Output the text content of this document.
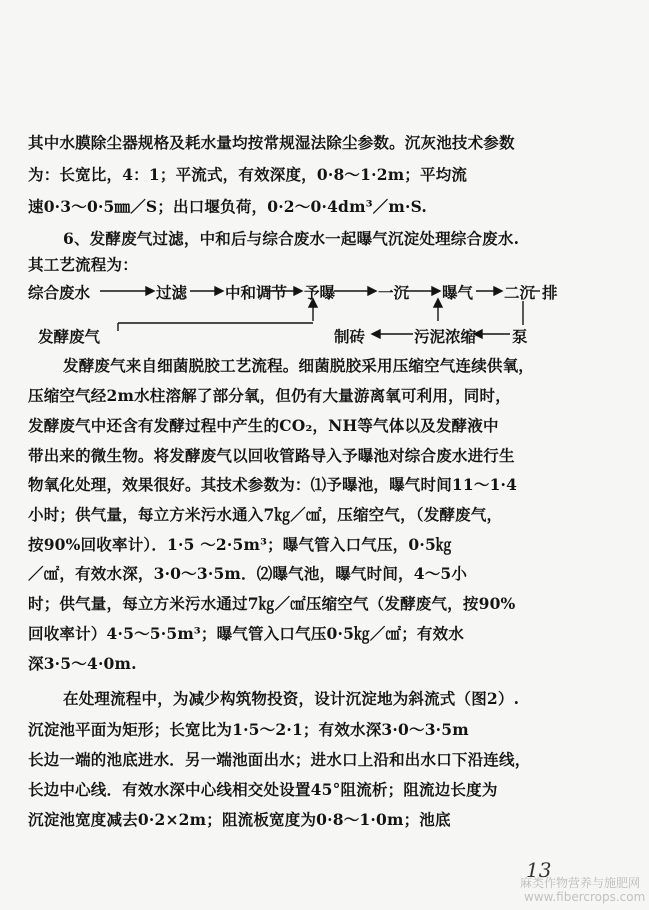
其中水膜除尘器规格及耗水量均按常规湿法除尘参数。沉灰池技术参数
为：长宽比，4：1；平流式，有效深度，0·8～1·2m；平均流
速0·3～0·5㎜／S；出口堰负荷，0·2～0·4dm³／m·S.
6、发酵废气过滤，中和后与综合废水一起曝气沉淀处理综合废水.
其工艺流程为：
综合废水	过滤 中和调节 予曝	一沉 曝气 二沉 排
发酵废气	制砖	污泥浓缩 泵
发酵废气来自细菌脱胶工艺流程。细菌脱胶采用压缩空气连续供氧，
压缩空气经2m水柱溶解了部分氧，但仍有大量游离氧可利用，同时，
发酵废气中还含有发酵过程中产生的CO₂，NH等气体以及发酵液中
带出来的微生物。将发酵废气以回收管路导入予曝池对综合废水进行生
物氧化处理，效果很好。其技术参数为：⑴予曝池，曝气时间11～1·4
小时；供气量，每立方米污水通入7㎏／㎠，压缩空气，（发酵废气，
按90%回收率计）．1·5 ～2·5m³；曝气管入口气压，0·5㎏
／㎠，有效水深，3·0～3·5m．⑵曝气池，曝气时间，4～5小
时；供气量，每立方米污水通过7㎏／㎠压缩空气（发酵废气，按90%
回收率计）4·5～5·5m³；曝气管入口气压0·5㎏／㎠；有效水
深3·5～4·0m.
在处理流程中，为减少构筑物投资，设计沉淀地为斜流式（图2）.
沉淀池平面为矩形；长宽比为1·5～2·1；有效水深3·0～3·5m
长边一端的池底进水．另一端池面出水；进水口上沿和出水口下沿连线，
长边中心线．有效水深中心线相交处设置45°阻流析；阻流边长度为
沉淀池宽度减去0·2×2m；阻流板宽度为0·8～1·0m；池底
13
麻类作物营养与施肥网
www.fibercrops.com
